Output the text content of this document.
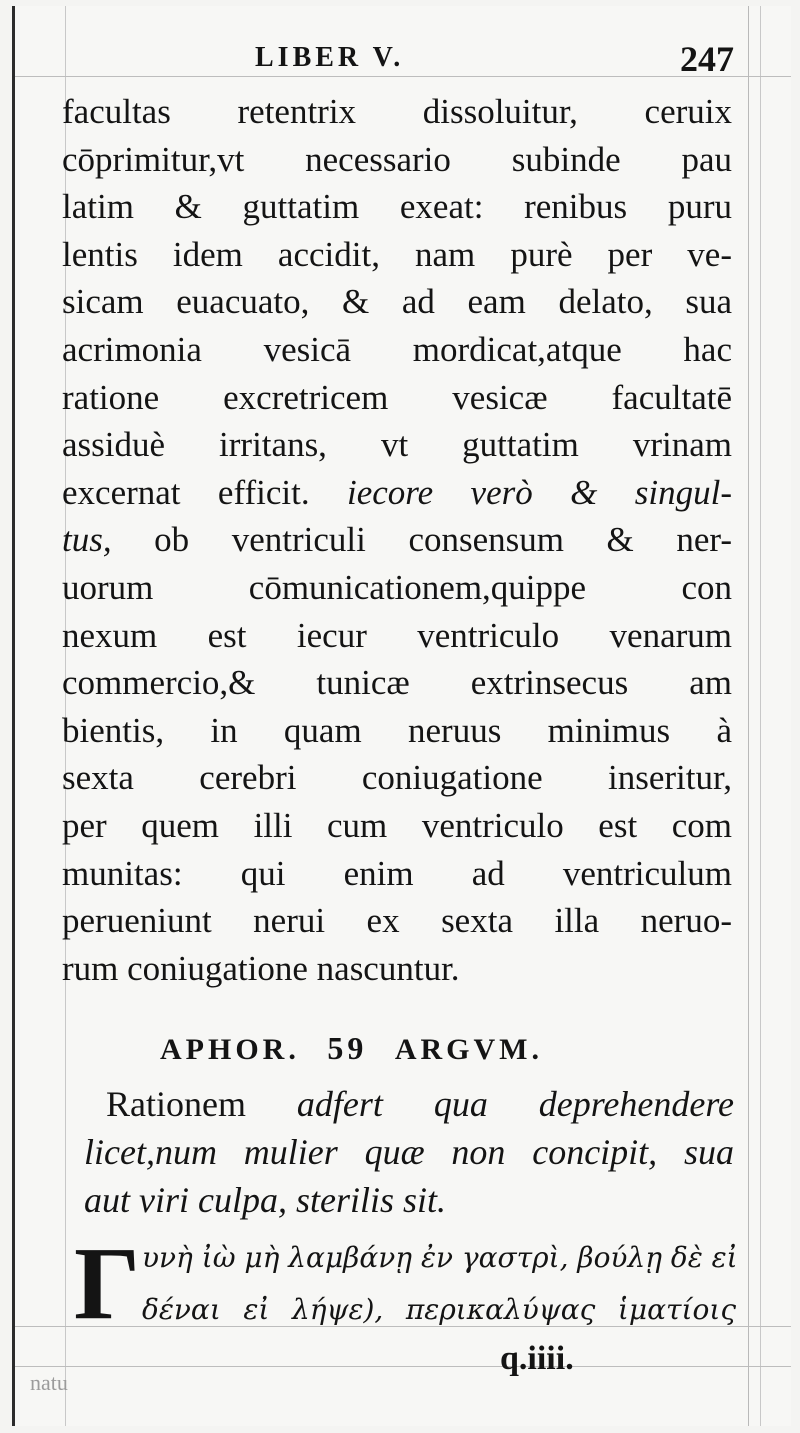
LIBER V.	247
facultas retentrix dissoluitur, ceruix
cōprimitur,vt necessario subinde pau
latim & guttatim exeat: renibus puru
lentis idem accidit, nam purè per ve-
sicam euacuato, & ad eam delato, sua
acrimonia vesicā mordicat,atque hac
ratione excretricem vesicæ facultatē
assiduè irritans, vt guttatim vrinam
excernat efficit. iecore verò & singul-
tus, ob ventriculi consensum & ner-
uorum cōmunicationem,quippe con
nexum est iecur ventriculo venarum
commercio,& tunicæ extrinsecus am
bientis, in quam neruus minimus à
sexta cerebri coniugatione inseritur,
per quem illi cum ventriculo est com
munitas: qui enim ad ventriculum
perueniunt nerui ex sexta illa neruo-
rum coniugatione nascuntur.
APHOR. 59 ARGVM.
Rationem adfert qua deprehendere
licet,num mulier quæ non concipit, sua
aut viri culpa, sterilis sit.
Γ υνὴ ἰὼ μὴ λαμβάνῃ ἐν γαστρὶ, βούλῃ δὲ εἰ
δέναι εἰ λήψε), περικαλύψας ἱματίοις
q.iiii.
natu
